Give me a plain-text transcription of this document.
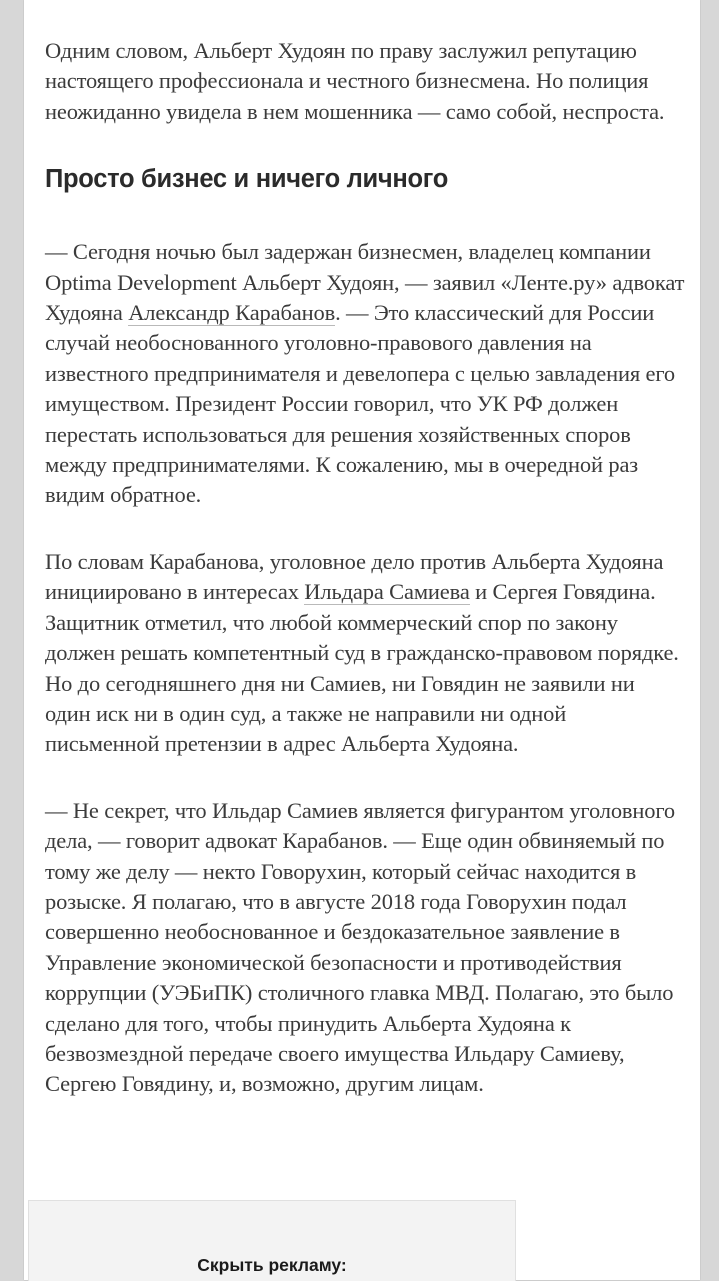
Одним словом, Альберт Худоян по праву заслужил репутацию настоящего профессионала и честного бизнесмена. Но полиция неожиданно увидела в нем мошенника — само собой, неспроста.

Просто бизнес и ничего личного

— Сегодня ночью был задержан бизнесмен, владелец компании Optima Development Альберт Худоян, — заявил «Ленте.ру» адвокат Худояна Александр Карабанов. — Это классический для России случай необоснованного уголовно-правового давления на известного предпринимателя и девелопера с целью завладения его имуществом. Президент России говорил, что УК РФ должен перестать использоваться для решения хозяйственных споров между предпринимателями. К сожалению, мы в очередной раз видим обратное.

По словам Карабанова, уголовное дело против Альберта Худояна инициировано в интересах Ильдара Самиева и Сергея Говядина. Защитник отметил, что любой коммерческий спор по закону должен решать компетентный суд в гражданско-правовом порядке. Но до сегодняшнего дня ни Самиев, ни Говядин не заявили ни один иск ни в один суд, а также не направили ни одной письменной претензии в адрес Альберта Худояна.

— Не секрет, что Ильдар Самиев является фигурантом уголовного дела, — говорит адвокат Карабанов. — Еще один обвиняемый по тому же делу — некто Говорухин, который сейчас находится в розыске. Я полагаю, что в августе 2018 года Говорухин подал совершенно необоснованное и бездоказательное заявление в Управление экономической безопасности и противодействия коррупции (УЭБиПК) столичного главка МВД. Полагаю, это было сделано для того, чтобы принудить Альберта Худояна к безвозмездной передаче своего имущества Ильдару Самиеву, Сергею Говядину, и, возможно, другим лицам.

Скрыть рекламу:
